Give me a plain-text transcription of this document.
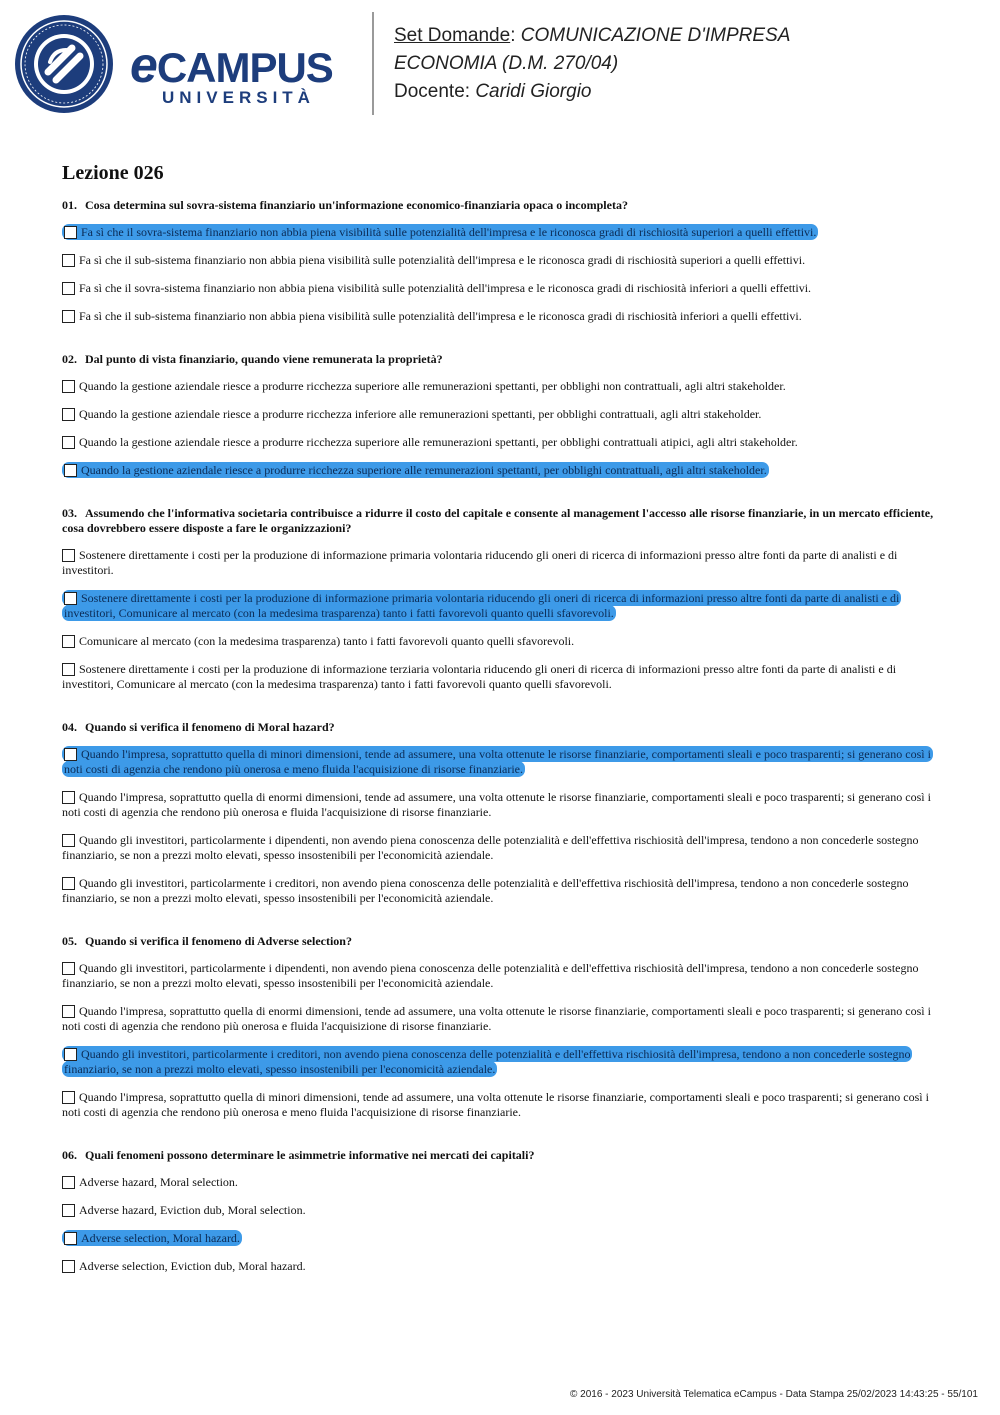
eCAMPUS
UNIVERSITÀ
Set Domande: COMUNICAZIONE D'IMPRESA
ECONOMIA (D.M. 270/04)
Docente: Caridi Giorgio
Lezione 026
01. Cosa determina sul sovra-sistema finanziario un'informazione economico-finanziaria opaca o incompleta?
Fa sì che il sovra-sistema finanziario non abbia piena visibilità sulle potenzialità dell'impresa e le riconosca gradi di rischiosità superiori a quelli effettivi.
Fa sì che il sub-sistema finanziario non abbia piena visibilità sulle potenzialità dell'impresa e le riconosca gradi di rischiosità superiori a quelli effettivi.
Fa sì che il sovra-sistema finanziario non abbia piena visibilità sulle potenzialità dell'impresa e le riconosca gradi di rischiosità inferiori a quelli effettivi.
Fa sì che il sub-sistema finanziario non abbia piena visibilità sulle potenzialità dell'impresa e le riconosca gradi di rischiosità inferiori a quelli effettivi.
02. Dal punto di vista finanziario, quando viene remunerata la proprietà?
Quando la gestione aziendale riesce a produrre ricchezza superiore alle remunerazioni spettanti, per obblighi non contrattuali, agli altri stakeholder.
Quando la gestione aziendale riesce a produrre ricchezza inferiore alle remunerazioni spettanti, per obblighi contrattuali, agli altri stakeholder.
Quando la gestione aziendale riesce a produrre ricchezza superiore alle remunerazioni spettanti, per obblighi contrattuali atipici, agli altri stakeholder.
Quando la gestione aziendale riesce a produrre ricchezza superiore alle remunerazioni spettanti, per obblighi contrattuali, agli altri stakeholder.
03. Assumendo che l'informativa societaria contribuisce a ridurre il costo del capitale e consente al management l'accesso alle risorse finanziarie, in un mercato efficiente, cosa dovrebbero essere disposte a fare le organizzazioni?
Sostenere direttamente i costi per la produzione di informazione primaria volontaria riducendo gli oneri di ricerca di informazioni presso altre fonti da parte di analisti e di investitori.
Sostenere direttamente i costi per la produzione di informazione primaria volontaria riducendo gli oneri di ricerca di informazioni presso altre fonti da parte di analisti e di investitori, Comunicare al mercato (con la medesima trasparenza) tanto i fatti favorevoli quanto quelli sfavorevoli.
Comunicare al mercato (con la medesima trasparenza) tanto i fatti favorevoli quanto quelli sfavorevoli.
Sostenere direttamente i costi per la produzione di informazione terziaria volontaria riducendo gli oneri di ricerca di informazioni presso altre fonti da parte di analisti e di investitori, Comunicare al mercato (con la medesima trasparenza) tanto i fatti favorevoli quanto quelli sfavorevoli.
04. Quando si verifica il fenomeno di Moral hazard?
Quando l'impresa, soprattutto quella di minori dimensioni, tende ad assumere, una volta ottenute le risorse finanziarie, comportamenti sleali e poco trasparenti; si generano così i noti costi di agenzia che rendono più onerosa e meno fluida l'acquisizione di risorse finanziarie.
Quando l'impresa, soprattutto quella di enormi dimensioni, tende ad assumere, una volta ottenute le risorse finanziarie, comportamenti sleali e poco trasparenti; si generano così i noti costi di agenzia che rendono più onerosa e fluida l'acquisizione di risorse finanziarie.
Quando gli investitori, particolarmente i dipendenti, non avendo piena conoscenza delle potenzialità e dell'effettiva rischiosità dell'impresa, tendono a non concederle sostegno finanziario, se non a prezzi molto elevati, spesso insostenibili per l'economicità aziendale.
Quando gli investitori, particolarmente i creditori, non avendo piena conoscenza delle potenzialità e dell'effettiva rischiosità dell'impresa, tendono a non concederle sostegno finanziario, se non a prezzi molto elevati, spesso insostenibili per l'economicità aziendale.
05. Quando si verifica il fenomeno di Adverse selection?
Quando gli investitori, particolarmente i dipendenti, non avendo piena conoscenza delle potenzialità e dell'effettiva rischiosità dell'impresa, tendono a non concederle sostegno finanziario, se non a prezzi molto elevati, spesso insostenibili per l'economicità aziendale.
Quando l'impresa, soprattutto quella di enormi dimensioni, tende ad assumere, una volta ottenute le risorse finanziarie, comportamenti sleali e poco trasparenti; si generano così i noti costi di agenzia che rendono più onerosa e fluida l'acquisizione di risorse finanziarie.
Quando gli investitori, particolarmente i creditori, non avendo piena conoscenza delle potenzialità e dell'effettiva rischiosità dell'impresa, tendono a non concederle sostegno finanziario, se non a prezzi molto elevati, spesso insostenibili per l'economicità aziendale.
Quando l'impresa, soprattutto quella di minori dimensioni, tende ad assumere, una volta ottenute le risorse finanziarie, comportamenti sleali e poco trasparenti; si generano così i noti costi di agenzia che rendono più onerosa e meno fluida l'acquisizione di risorse finanziarie.
06. Quali fenomeni possono determinare le asimmetrie informative nei mercati dei capitali?
Adverse hazard, Moral selection.
Adverse hazard, Eviction dub, Moral selection.
Adverse selection, Moral hazard.
Adverse selection, Eviction dub, Moral hazard.
© 2016 - 2023 Università Telematica eCampus - Data Stampa 25/02/2023 14:43:25 - 55/101
